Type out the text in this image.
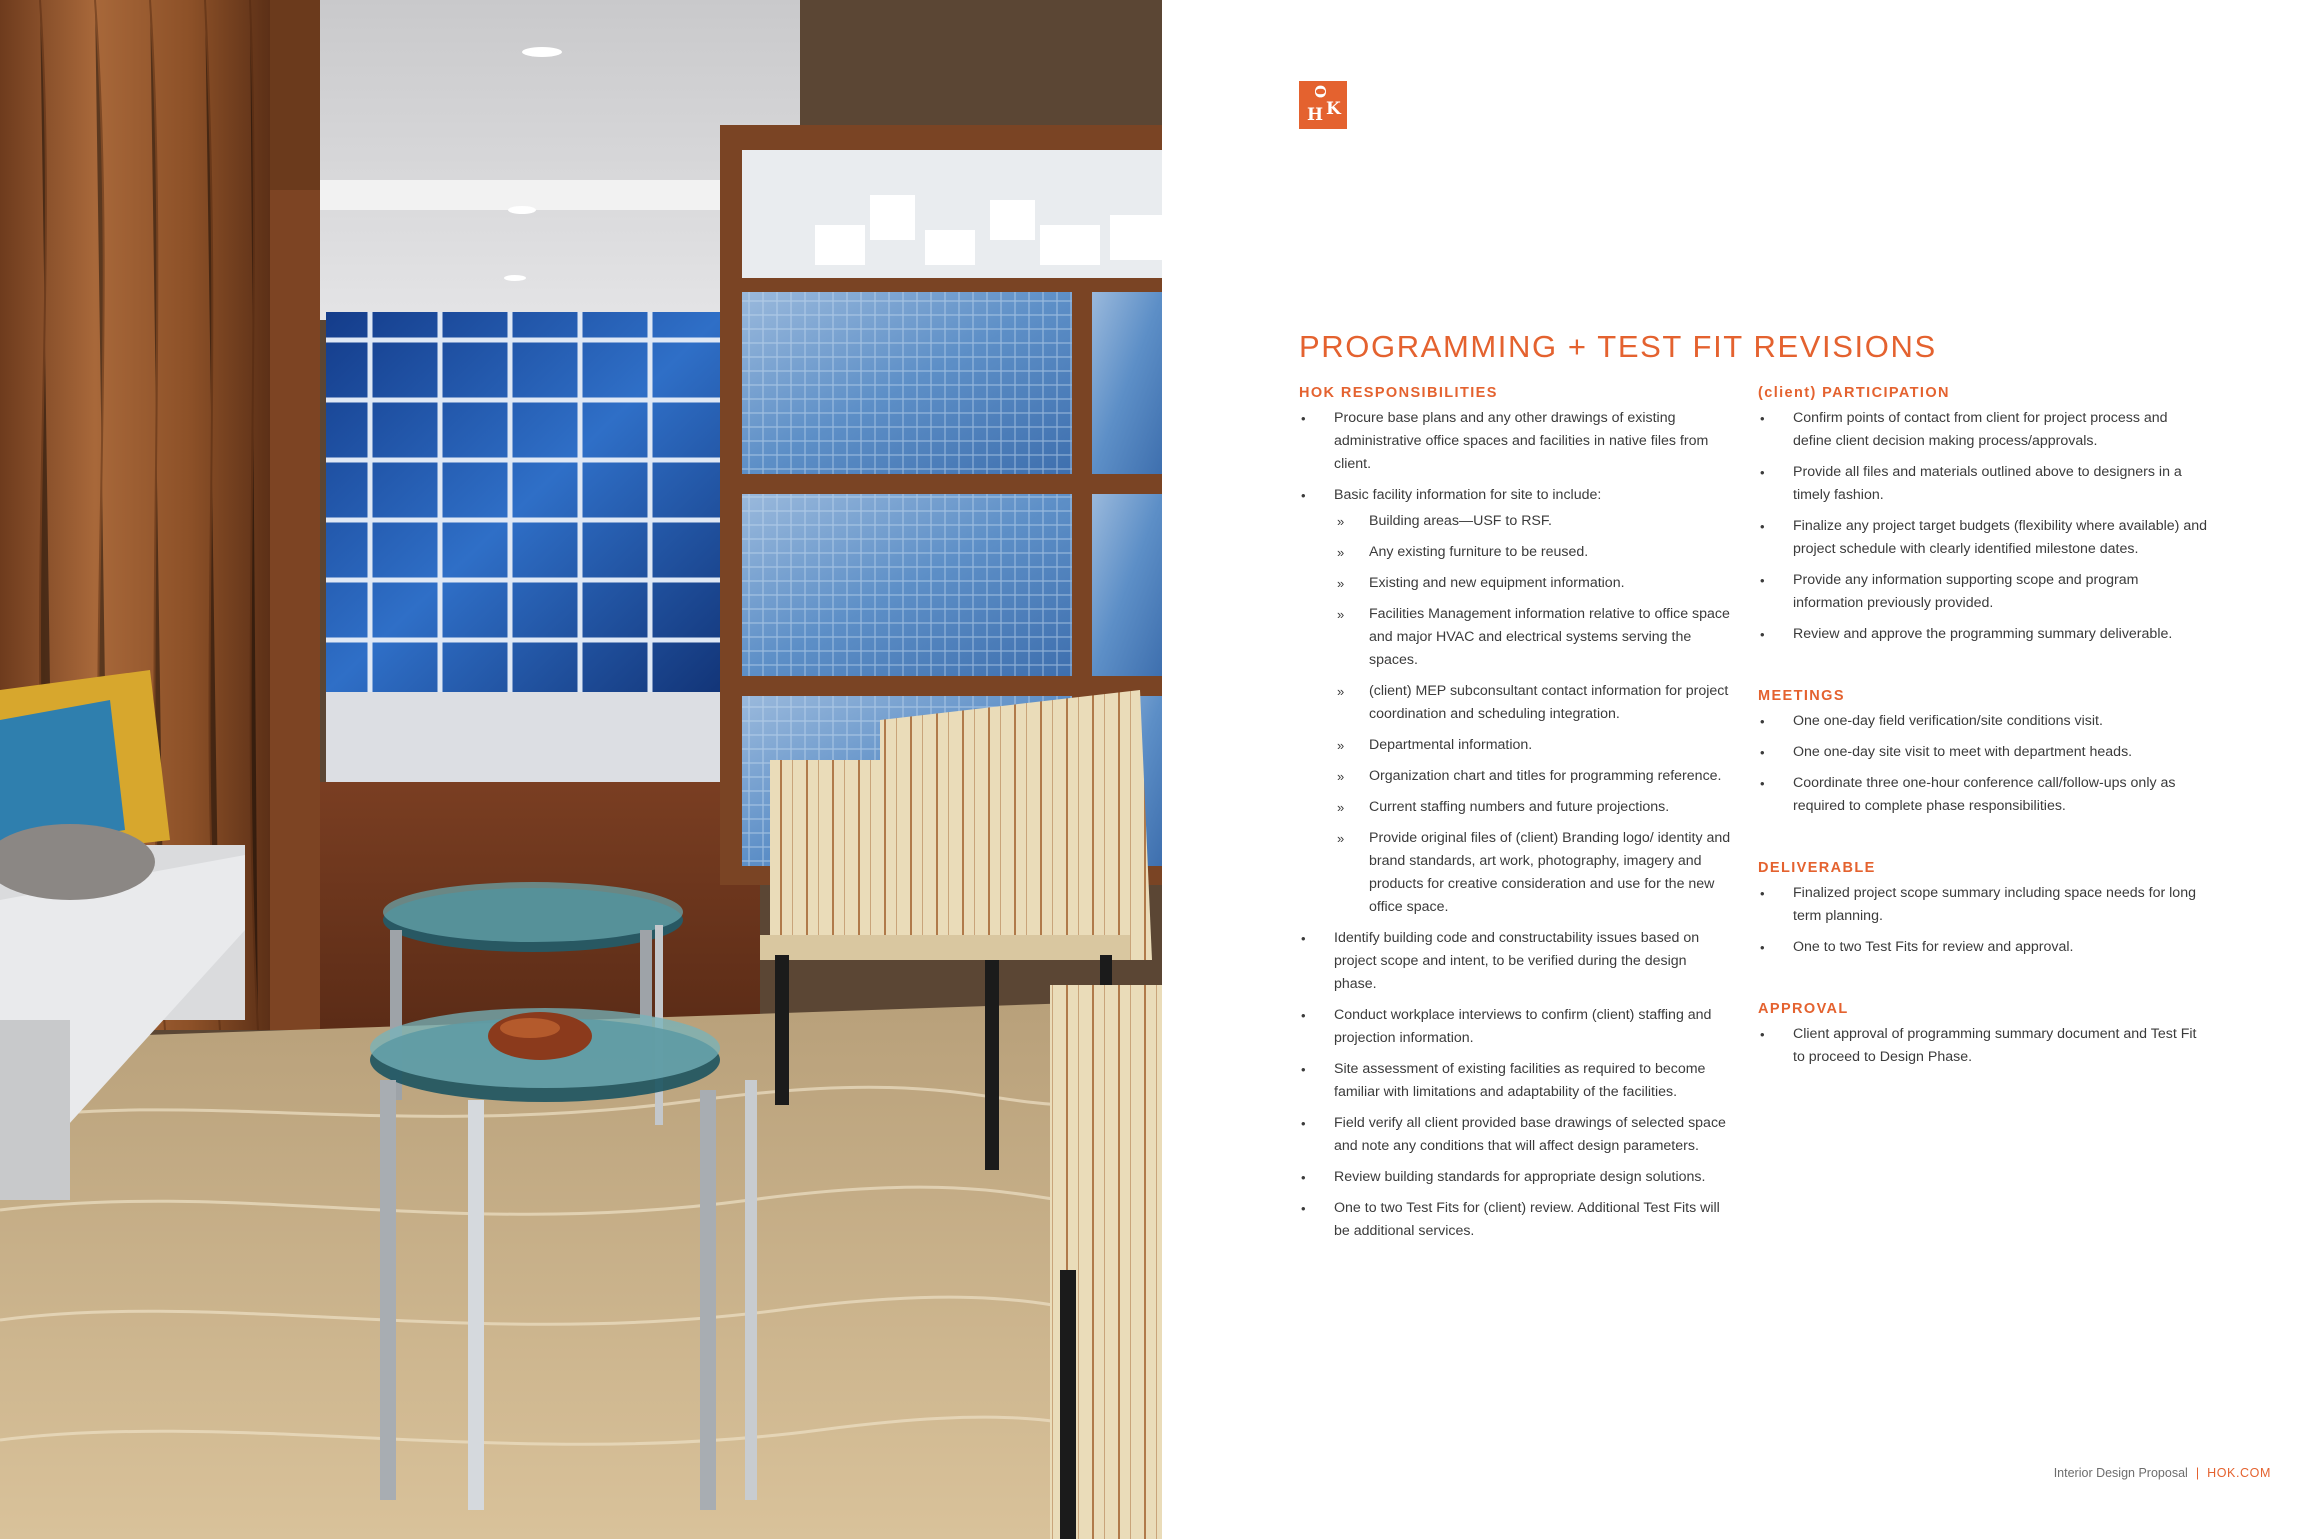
O
H K
PROGRAMMING + TEST FIT REVISIONS
HOK RESPONSIBILITIES
• Procure base plans and any other drawings of existing administrative office spaces and facilities in native files from client.
• Basic facility information for site to include:
» Building areas—USF to RSF.
» Any existing furniture to be reused.
» Existing and new equipment information.
» Facilities Management information relative to office space and major HVAC and electrical systems serving the spaces.
» (client) MEP subconsultant contact information for project coordination and scheduling integration.
» Departmental information.
» Organization chart and titles for programming reference.
» Current staffing numbers and future projections.
» Provide original files of (client) Branding logo/ identity and brand standards, art work, photography, imagery and products for creative consideration and use for the new office space.
• Identify building code and constructability issues based on project scope and intent, to be verified during the design phase.
• Conduct workplace interviews to confirm (client) staffing and projection information.
• Site assessment of existing facilities as required to become familiar with limitations and adaptability of the facilities.
• Field verify all client provided base drawings of selected space and note any conditions that will affect design parameters.
• Review building standards for appropriate design solutions.
• One to two Test Fits for (client) review. Additional Test Fits will be additional services.
(client) PARTICIPATION
• Confirm points of contact from client for project process and define client decision making process/approvals.
• Provide all files and materials outlined above to designers in a timely fashion.
• Finalize any project target budgets (flexibility where available) and project schedule with clearly identified milestone dates.
• Provide any information supporting scope and program information previously provided.
• Review and approve the programming summary deliverable.
MEETINGS
• One one-day field verification/site conditions visit.
• One one-day site visit to meet with department heads.
• Coordinate three one-hour conference call/follow-ups only as required to complete phase responsibilities.
DELIVERABLE
• Finalized project scope summary including space needs for long term planning.
• One to two Test Fits for review and approval.
APPROVAL
• Client approval of programming summary document and Test Fit to proceed to Design Phase.
Interior Design Proposal | HOK.COM
